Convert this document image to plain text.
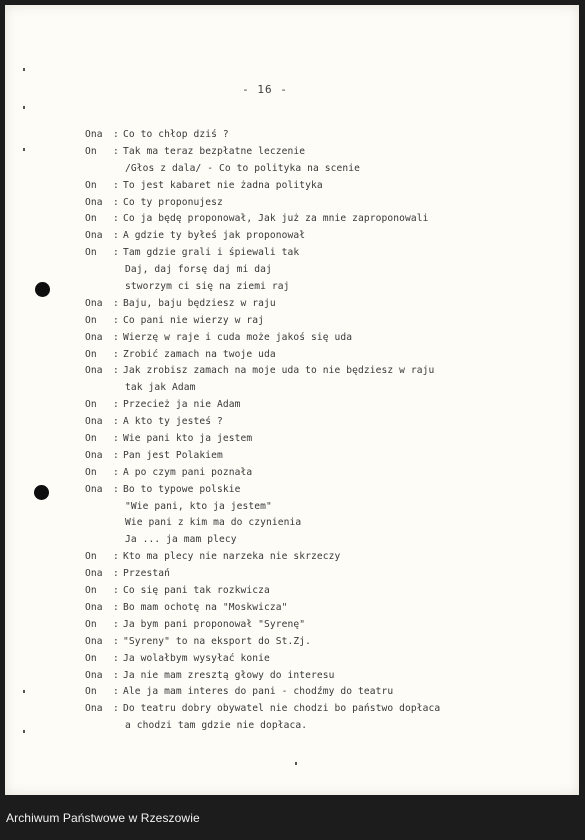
- 16 -
Ona : Co to chłop dziś ?
On : Tak ma teraz bezpłatne leczenie
/Głos z dala/ - Co to polityka na scenie
On : To jest kabaret nie żadna polityka
Ona : Co ty proponujesz
On : Co ja będę proponował, Jak już za mnie zaproponowali
Ona : A gdzie ty byłeś jak proponował
On : Tam gdzie grali i śpiewali tak
Daj, daj forsę daj mi daj
stworzym ci się na ziemi raj
Ona : Baju, baju będziesz w raju
On : Co pani nie wierzy w raj
Ona : Wierzę w raje i cuda może jakoś się uda
On : Zrobić zamach na twoje uda
Ona : Jak zrobisz zamach na moje uda to nie będziesz w raju
tak jak Adam
On : Przecież ja nie Adam
Ona : A kto ty jesteś ?
On : Wie pani kto ja jestem
Ona : Pan jest Polakiem
On : A po czym pani poznała
Ona : Bo to typowe polskie
"Wie pani, kto ja jestem"
Wie pani z kim ma do czynienia
Ja ... ja mam plecy
On : Kto ma plecy nie narzeka nie skrzeczy
Ona : Przestań
On : Co się pani tak rozkwicza
Ona : Bo mam ochotę na "Moskwicza"
On : Ja bym pani proponował "Syrenę"
Ona : "Syreny" to na eksport do St.Zj.
On : Ja wolałbym wysyłać konie
Ona : Ja nie mam zresztą głowy do interesu
On : Ale ja mam interes do pani - chodźmy do teatru
Ona : Do teatru dobry obywatel nie chodzi bo państwo dopłaca
a chodzi tam gdzie nie dopłaca.
Archiwum Państwowe w Rzeszowie
